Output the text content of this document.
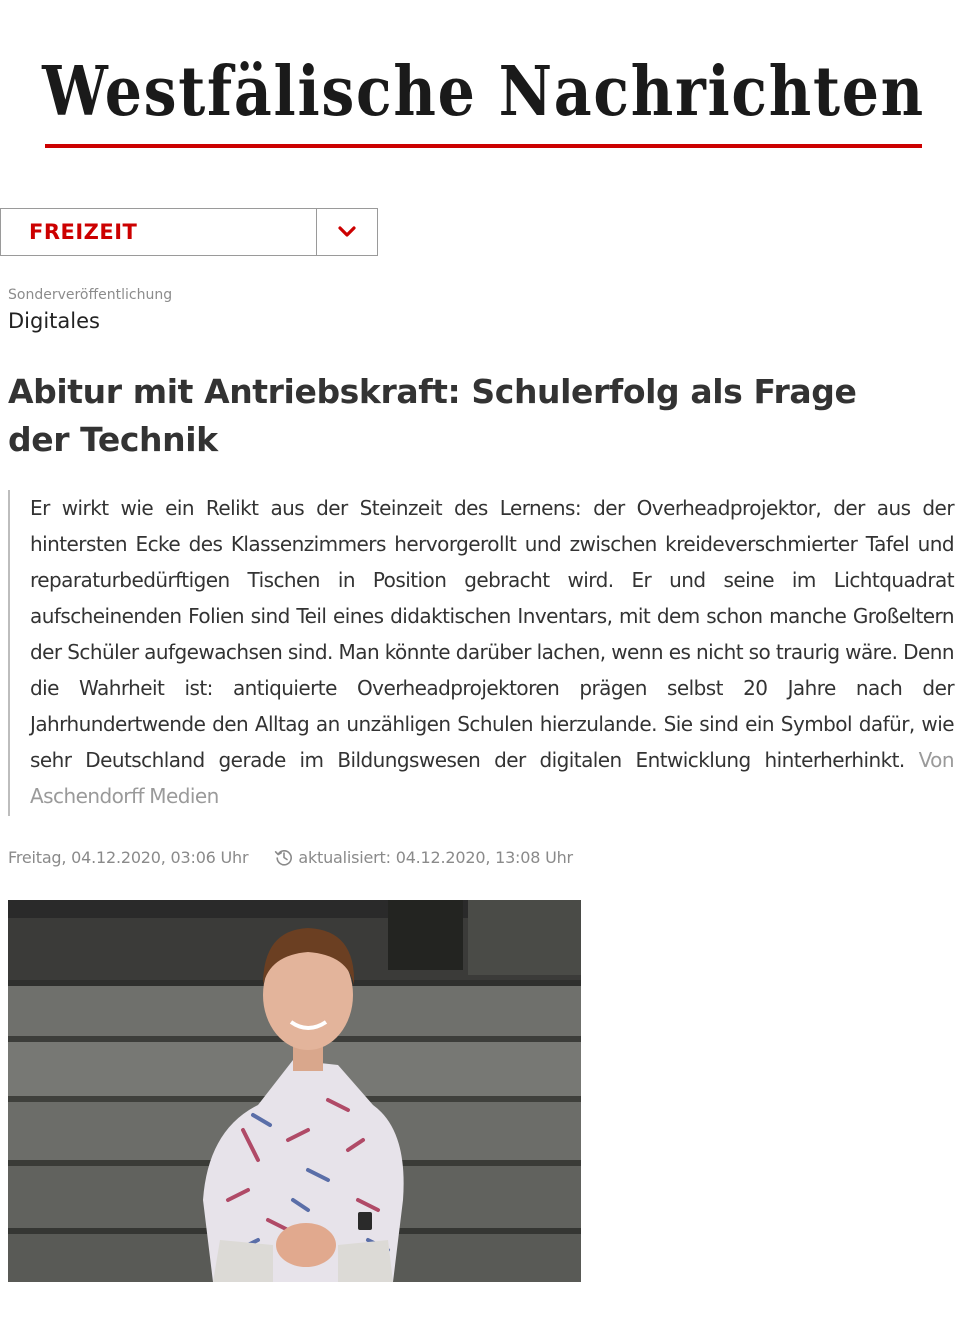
Westfälische Nachrichten
FREIZEIT
Sonderveröffentlichung
Digitales
Abitur mit Antriebskraft: Schulerfolg als Frage der Technik

Er wirkt wie ein Relikt aus der Steinzeit des Lernens: der Overheadprojektor, der aus der hintersten Ecke des Klassenzimmers hervorgerollt und zwischen kreideverschmierter Tafel und reparaturbedürftigen Tischen in Position gebracht wird. Er und seine im Lichtquadrat aufscheinenden Folien sind Teil eines didaktischen Inventars, mit dem schon manche Großeltern der Schüler aufgewachsen sind. Man könnte darüber lachen, wenn es nicht so traurig wäre. Denn die Wahrheit ist: antiquierte Overheadprojektoren prägen selbst 20 Jahre nach der Jahrhundertwende den Alltag an unzähligen Schulen hierzulande. Sie sind ein Symbol dafür, wie sehr Deutschland gerade im Bildungswesen der digitalen Entwicklung hinterherhinkt. Von Aschendorff Medien

Freitag, 04.12.2020, 03:06 Uhr	aktualisiert: 04.12.2020, 13:08 Uhr
